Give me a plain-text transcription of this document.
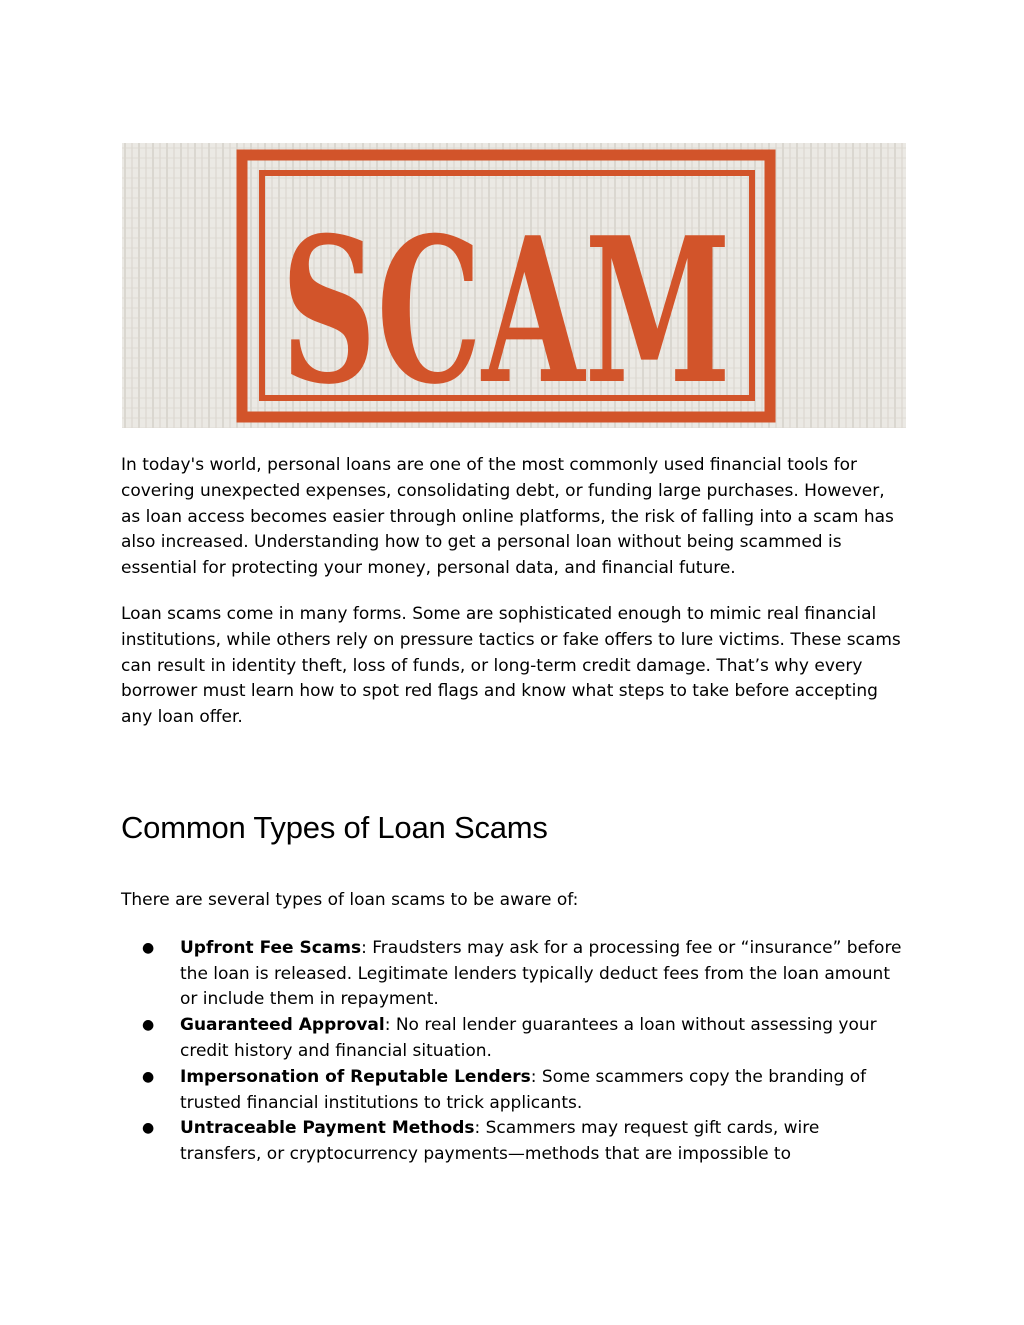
SCAM

In today's world, personal loans are one of the most commonly used financial tools for covering unexpected expenses, consolidating debt, or funding large purchases. However, as loan access becomes easier through online platforms, the risk of falling into a scam has also increased. Understanding how to get a personal loan without being scammed is essential for protecting your money, personal data, and financial future.

Loan scams come in many forms. Some are sophisticated enough to mimic real financial institutions, while others rely on pressure tactics or fake offers to lure victims. These scams can result in identity theft, loss of funds, or long-term credit damage. That’s why every borrower must learn how to spot red flags and know what steps to take before accepting any loan offer.

Common Types of Loan Scams

There are several types of loan scams to be aware of:

● Upfront Fee Scams: Fraudsters may ask for a processing fee or “insurance” before the loan is released. Legitimate lenders typically deduct fees from the loan amount or include them in repayment.
● Guaranteed Approval: No real lender guarantees a loan without assessing your credit history and financial situation.
● Impersonation of Reputable Lenders: Some scammers copy the branding of trusted financial institutions to trick applicants.
● Untraceable Payment Methods: Scammers may request gift cards, wire transfers, or cryptocurrency payments—methods that are impossible to
